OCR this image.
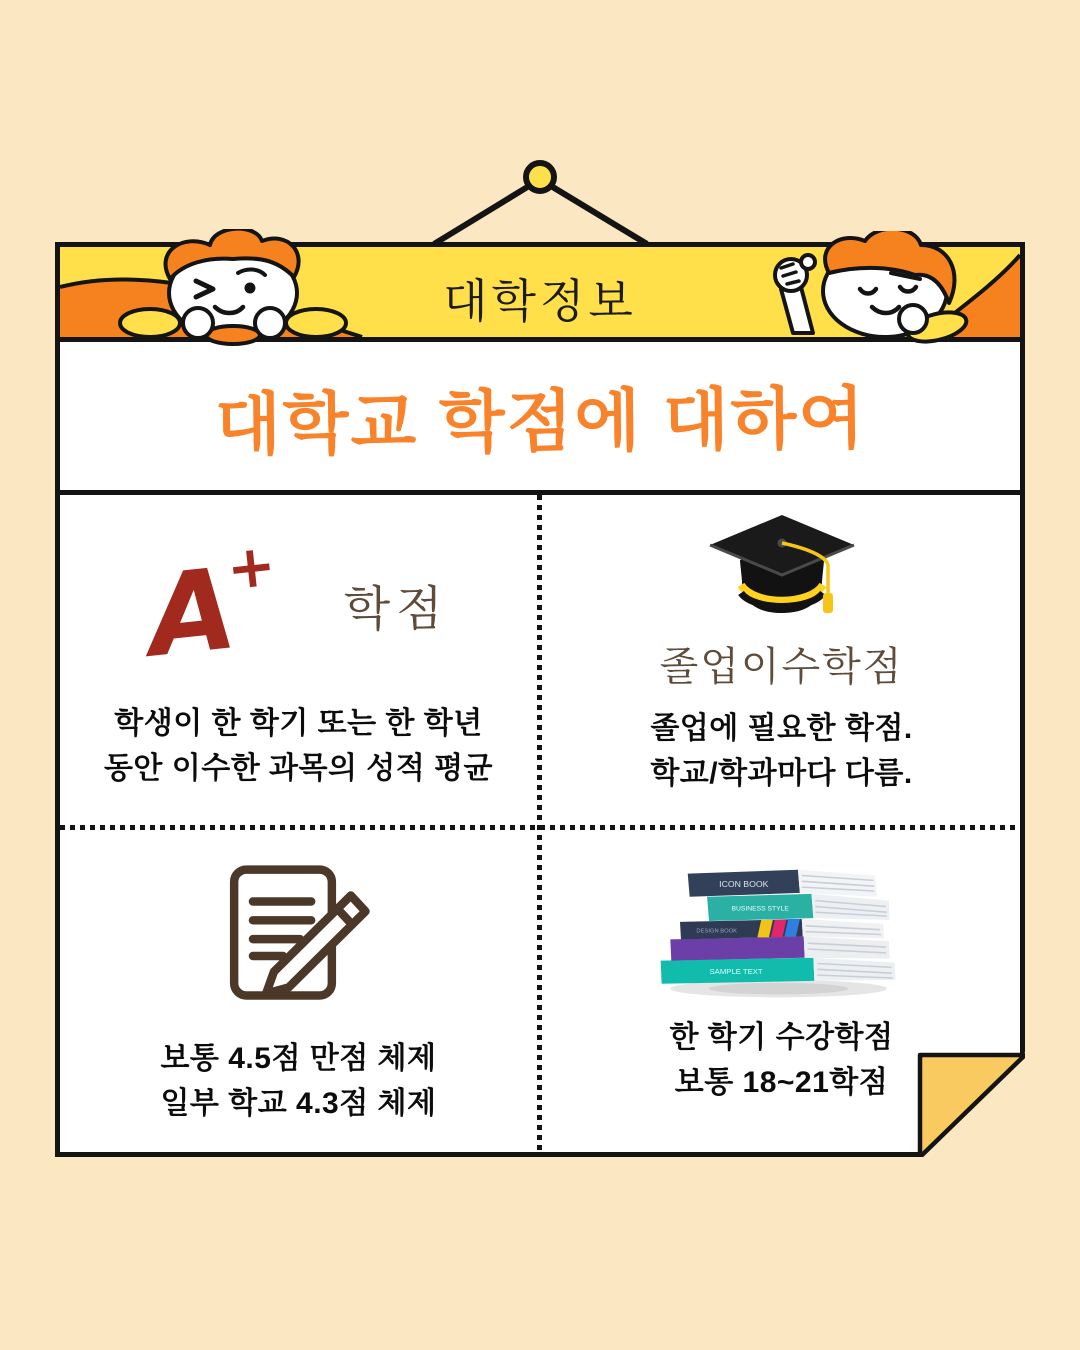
대학정보
대학교 학점에 대하여
A+
학점
학생이 한 학기 또는 한 학년
동안 이수한 과목의 성적 평균
졸업이수학점
졸업에 필요한 학점.
학교/학과마다 다름.
보통 4.5점 만점 체제
일부 학교 4.3점 체제
SAMPLE TEXT
DESIGN BOOK
BUSINESS STYLE
ICON BOOK
한 학기 수강학점
보통 18~21학점
